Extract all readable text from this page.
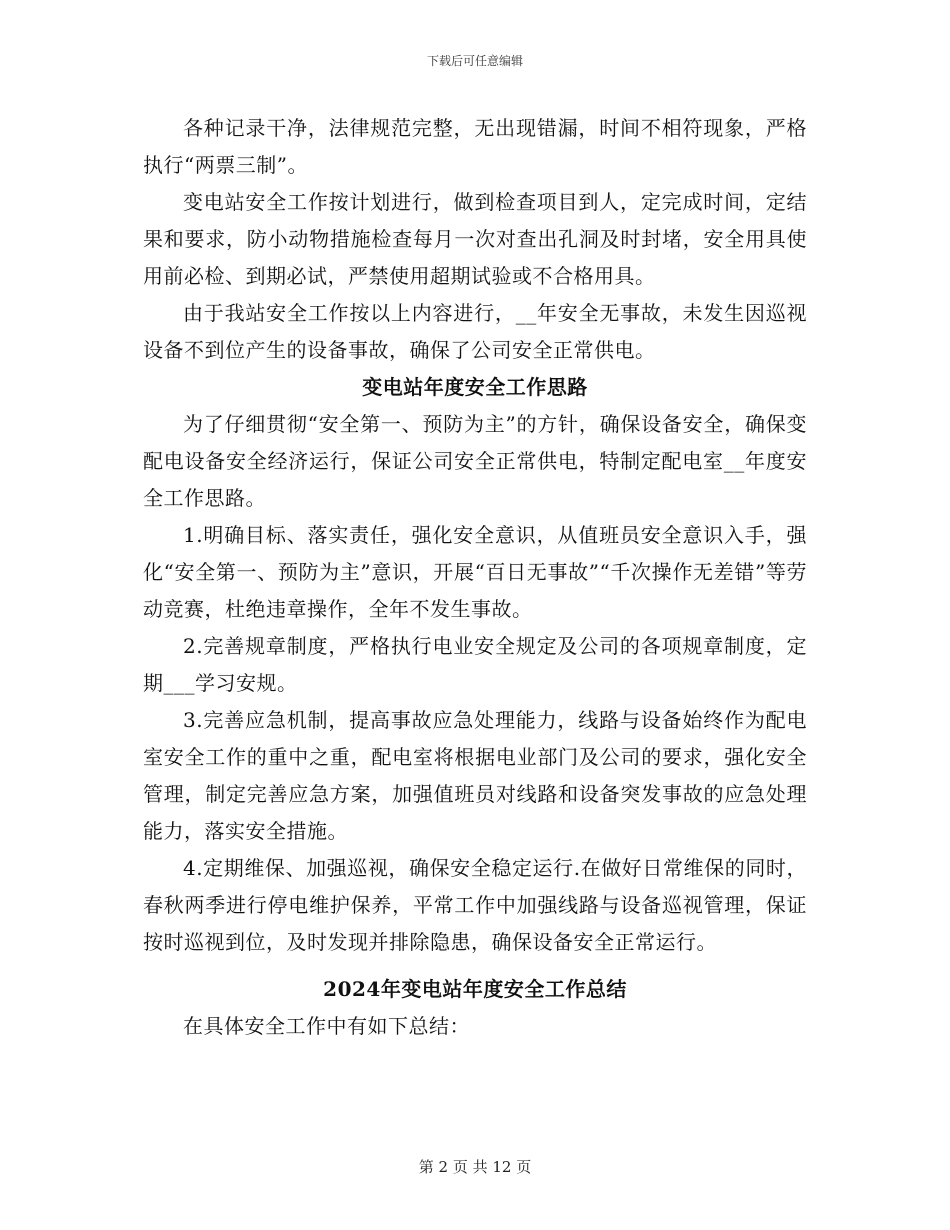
下载后可任意编辑

各种记录干净，法律规范完整，无出现错漏，时间不相符现象，严格执行“两票三制”。

变电站安全工作按计划进行，做到检查项目到人，定完成时间，定结果和要求，防小动物措施检查每月一次对查出孔洞及时封堵，安全用具使用前必检、到期必试，严禁使用超期试验或不合格用具。

由于我站安全工作按以上内容进行，__年安全无事故，未发生因巡视设备不到位产生的设备事故，确保了公司安全正常供电。

变电站年度安全工作思路

为了仔细贯彻“安全第一、预防为主”的方针，确保设备安全，确保变配电设备安全经济运行，保证公司安全正常供电，特制定配电室__年度安全工作思路。

1.明确目标、落实责任，强化安全意识，从值班员安全意识入手，强化“安全第一、预防为主”意识，开展“百日无事故”“千次操作无差错”等劳动竞赛，杜绝违章操作，全年不发生事故。

2.完善规章制度，严格执行电业安全规定及公司的各项规章制度，定期___学习安规。

3.完善应急机制，提高事故应急处理能力，线路与设备始终作为配电室安全工作的重中之重，配电室将根据电业部门及公司的要求，强化安全管理，制定完善应急方案，加强值班员对线路和设备突发事故的应急处理能力，落实安全措施。

4.定期维保、加强巡视，确保安全稳定运行.在做好日常维保的同时，春秋两季进行停电维护保养，平常工作中加强线路与设备巡视管理，保证按时巡视到位，及时发现并排除隐患，确保设备安全正常运行。

2024年变电站年度安全工作总结

在具体安全工作中有如下总结：

第 2 页 共 12 页
